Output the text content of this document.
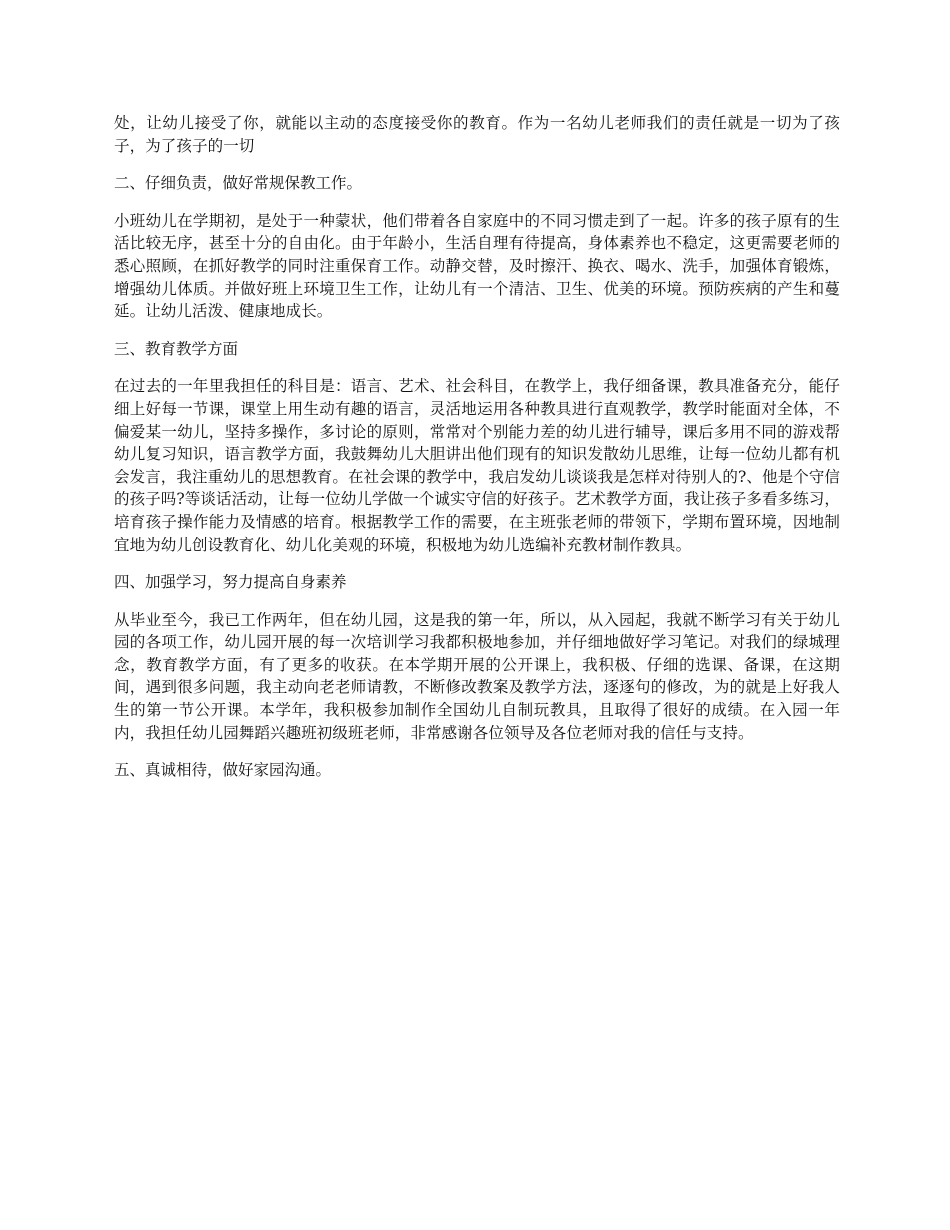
处，让幼儿接受了你，就能以主动的态度接受你的教育。作为一名幼儿老师我们的责任就是一切为了孩子，为了孩子的一切

二、仔细负责，做好常规保教工作。

小班幼儿在学期初，是处于一种蒙状，他们带着各自家庭中的不同习惯走到了一起。许多的孩子原有的生活比较无序，甚至十分的自由化。由于年龄小，生活自理有待提高，身体素养也不稳定，这更需要老师的悉心照顾，在抓好教学的同时注重保育工作。动静交替，及时擦汗、换衣、喝水、洗手，加强体育锻炼，增强幼儿体质。并做好班上环境卫生工作，让幼儿有一个清洁、卫生、优美的环境。预防疾病的产生和蔓延。让幼儿活泼、健康地成长。

三、教育教学方面

在过去的一年里我担任的科目是：语言、艺术、社会科目，在教学上，我仔细备课，教具准备充分，能仔细上好每一节课，课堂上用生动有趣的语言，灵活地运用各种教具进行直观教学，教学时能面对全体，不偏爱某一幼儿，坚持多操作，多讨论的原则，常常对个别能力差的幼儿进行辅导，课后多用不同的游戏帮幼儿复习知识，语言教学方面，我鼓舞幼儿大胆讲出他们现有的知识发散幼儿思维，让每一位幼儿都有机会发言，我注重幼儿的思想教育。在社会课的教学中，我启发幼儿谈谈我是怎样对待别人的?、他是个守信的孩子吗?等谈话活动，让每一位幼儿学做一个诚实守信的好孩子。艺术教学方面，我让孩子多看多练习，培育孩子操作能力及情感的培育。根据教学工作的需要，在主班张老师的带领下，学期布置环境，因地制宜地为幼儿创设教育化、幼儿化美观的环境，积极地为幼儿选编补充教材制作教具。

四、加强学习，努力提高自身素养

从毕业至今，我已工作两年，但在幼儿园，这是我的第一年，所以，从入园起，我就不断学习有关于幼儿园的各项工作，幼儿园开展的每一次培训学习我都积极地参加，并仔细地做好学习笔记。对我们的绿城理念，教育教学方面，有了更多的收获。在本学期开展的公开课上，我积极、仔细的选课、备课，在这期间，遇到很多问题，我主动向老老师请教，不断修改教案及教学方法，逐逐句的修改，为的就是上好我人生的第一节公开课。本学年，我积极参加制作全国幼儿自制玩教具，且取得了很好的成绩。在入园一年内，我担任幼儿园舞蹈兴趣班初级班老师，非常感谢各位领导及各位老师对我的信任与支持。

五、真诚相待，做好家园沟通。
